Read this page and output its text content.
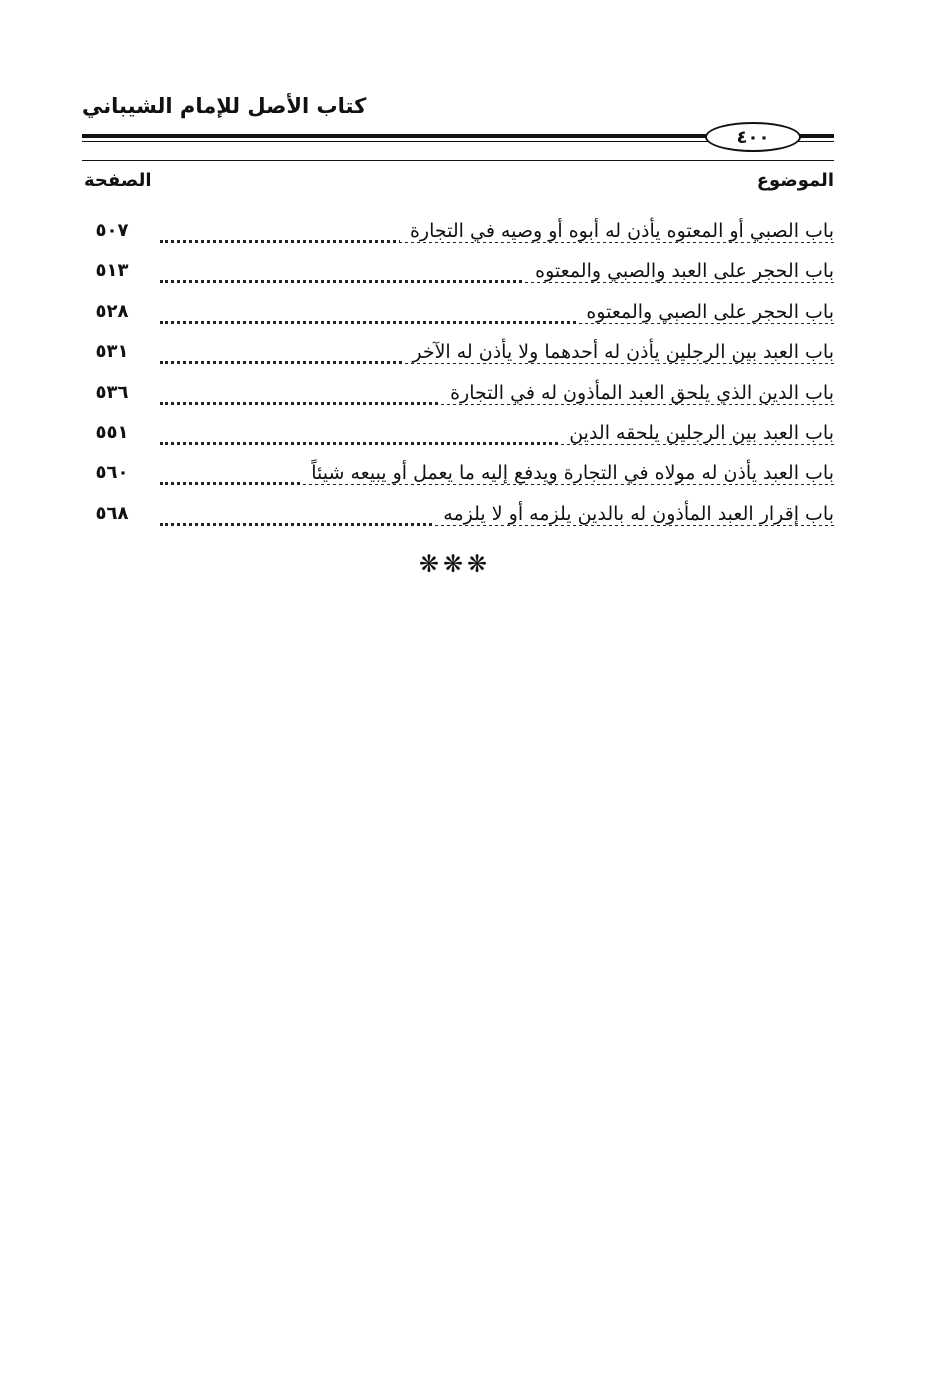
كتاب الأصل للإمام الشيباني
٤٠٠
الموضوع
الصفحة
باب الصبي أو المعتوه يأذن له أبوه أو وصيه في التجارة
٥٠٧
باب الحجر على العبد والصبي والمعتوه
٥١٣
باب الحجر على الصبي والمعتوه
٥٢٨
باب العبد بين الرجلين يأذن له أحدهما ولا يأذن له الآخر
٥٣١
باب الدين الذي يلحق العبد المأذون له في التجارة
٥٣٦
باب العبد بين الرجلين يلحقه الدين
٥٥١
باب العبد يأذن له مولاه في التجارة ويدفع إليه ما يعمل أو يبيعه شيئاً
٥٦٠
باب إقرار العبد المأذون له بالدين يلزمه أو لا يلزمه
٥٦٨
❋❋❋
